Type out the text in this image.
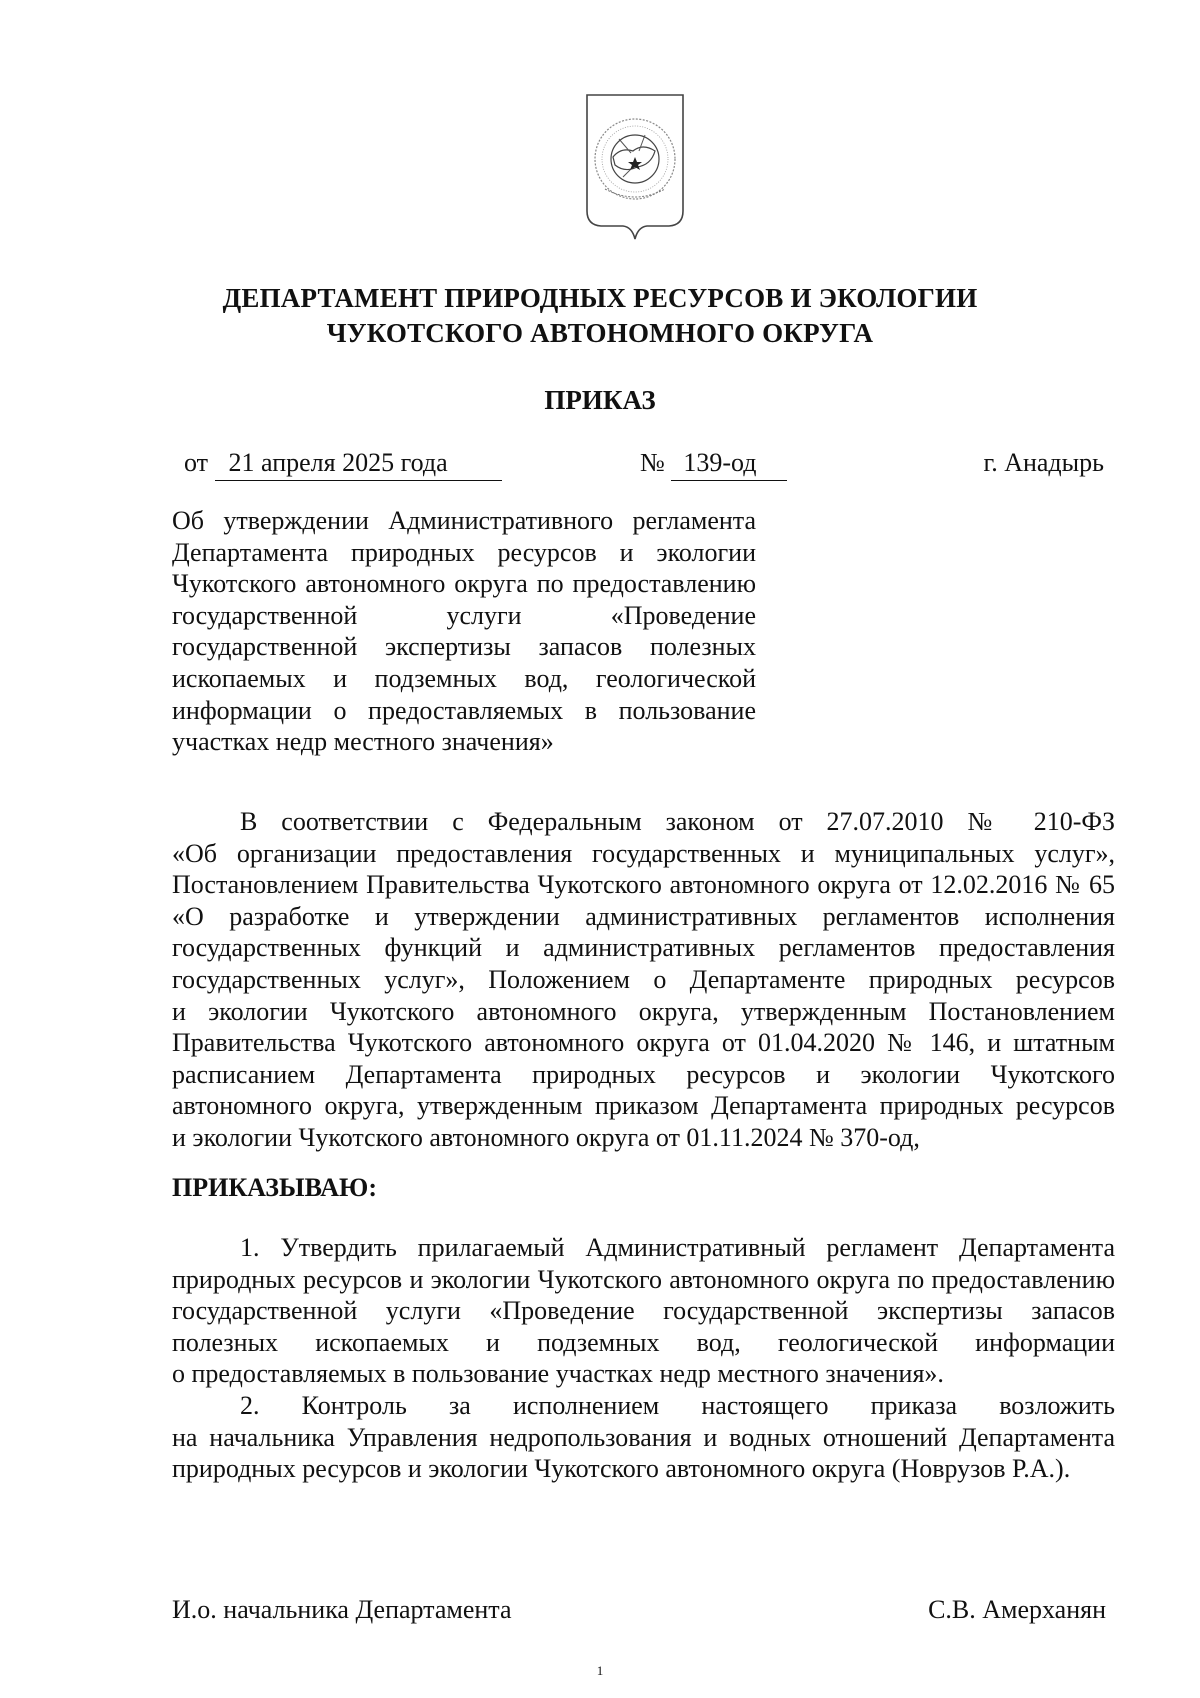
ДЕПАРТАМЕНТ ПРИРОДНЫХ РЕСУРСОВ И ЭКОЛОГИИ
ЧУКОТСКОГО АВТОНОМНОГО ОКРУГА
ПРИКАЗ
от 21 апреля 2025 года	№ 139-од	г. Анадырь
Об утверждении Административного регламента
Департамента природных ресурсов и экологии
Чукотского автономного округа по предоставлению
государственной услуги «Проведение
государственной экспертизы запасов полезных
ископаемых и подземных вод, геологической
информации о предоставляемых в пользование
участках недр местного значения»
В соответствии с Федеральным законом от 27.07.2010 № 210-ФЗ
«Об организации предоставления государственных и муниципальных услуг»,
Постановлением Правительства Чукотского автономного округа от 12.02.2016 № 65
«О разработке и утверждении административных регламентов исполнения
государственных функций и административных регламентов предоставления
государственных услуг», Положением о Департаменте природных ресурсов
и экологии Чукотского автономного округа, утвержденным Постановлением
Правительства Чукотского автономного округа от 01.04.2020 № 146, и штатным
расписанием Департамента природных ресурсов и экологии Чукотского
автономного округа, утвержденным приказом Департамента природных ресурсов
и экологии Чукотского автономного округа от 01.11.2024 № 370-од,
ПРИКАЗЫВАЮ:
1. Утвердить прилагаемый Административный регламент Департамента
природных ресурсов и экологии Чукотского автономного округа по предоставлению
государственной услуги «Проведение государственной экспертизы запасов
полезных ископаемых и подземных вод, геологической информации
о предоставляемых в пользование участках недр местного значения».
2. Контроль за исполнением настоящего приказа возложить
на начальника Управления недропользования и водных отношений Департамента
природных ресурсов и экологии Чукотского автономного округа (Новрузов Р.А.).
И.о. начальника Департамента	С.В. Амерханян
1
